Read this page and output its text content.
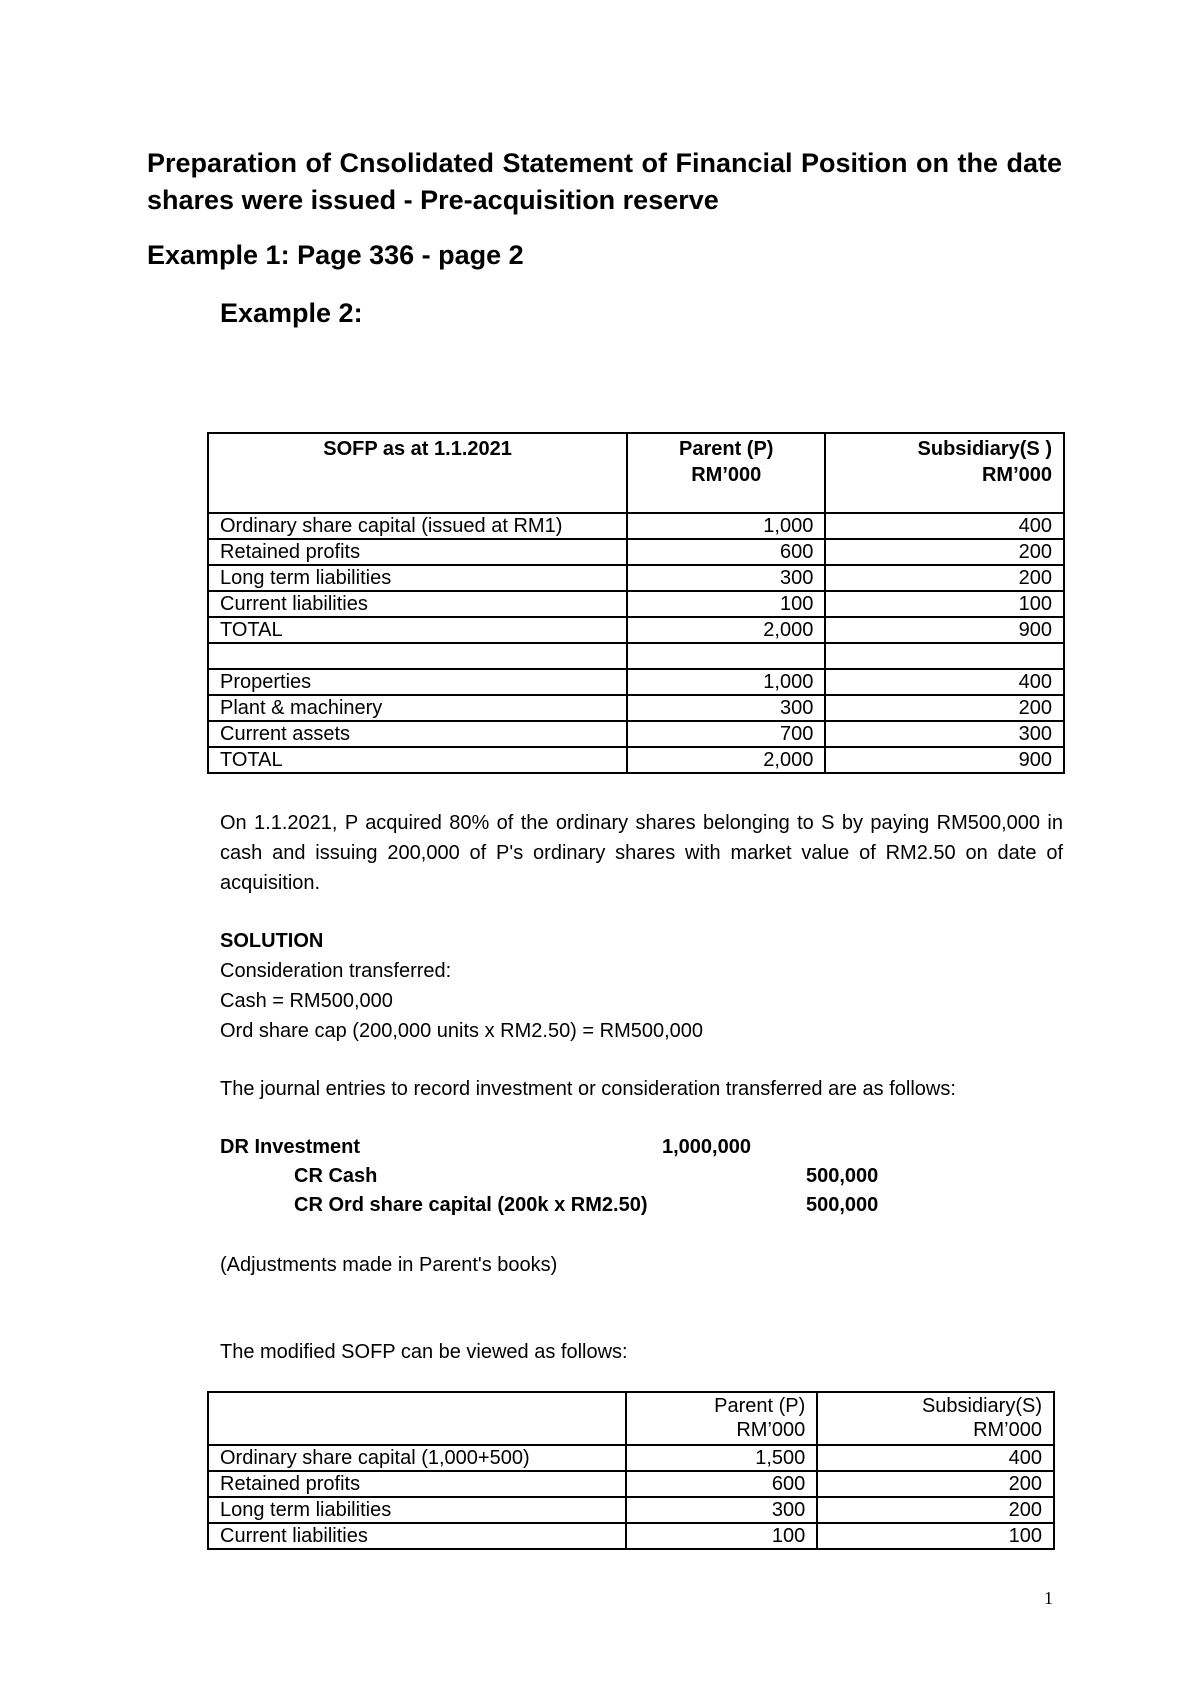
Preparation of Cnsolidated Statement of Financial Position on the date shares were issued - Pre-acquisition reserve
Example 1: Page 336 - page 2
Example 2:
SOFP as at 1.1.2021	Parent (P) RM’000	Subsidiary(S ) RM’000
Ordinary share capital (issued at RM1)	1,000	400
Retained profits	600	200
Long term liabilities	300	200
Current liabilities	100	100
TOTAL	2,000	900

Properties	1,000	400
Plant & machinery	300	200
Current assets	700	300
TOTAL	2,000	900
On 1.1.2021, P acquired 80% of the ordinary shares belonging to S by paying RM500,000 in cash and issuing 200,000 of P's ordinary shares with market value of RM2.50 on date of acquisition.
SOLUTION
Consideration transferred:
Cash = RM500,000
Ord share cap (200,000 units x RM2.50) = RM500,000
The journal entries to record investment or consideration transferred are as follows:
DR Investment	1,000,000
CR Cash	500,000
CR Ord share capital (200k x RM2.50)	500,000
(Adjustments made in Parent's books)
The modified SOFP can be viewed as follows:
	Parent (P) RM’000	Subsidiary(S) RM’000
Ordinary share capital (1,000+500)	1,500	400
Retained profits	600	200
Long term liabilities	300	200
Current liabilities	100	100
1
